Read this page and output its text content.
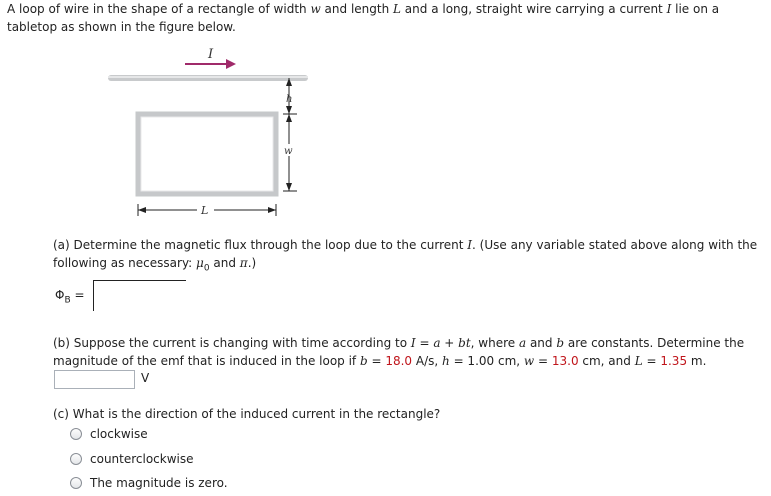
A loop of wire in the shape of a rectangle of width w and length L and a long, straight wire carrying a current I lie on a tabletop as shown in the figure below.
I
h
w
L
(a) Determine the magnetic flux through the loop due to the current I. (Use any variable stated above along with the following as necessary: $\mu_0$ and π.)
$\Phi_B$ =
(b) Suppose the current is changing with time according to I = a + bt, where a and b are constants. Determine the magnitude of the emf that is induced in the loop if b = 18.0 A/s, h = 1.00 cm, w = 13.0 cm, and L = 1.35 m.
V
(c) What is the direction of the induced current in the rectangle?
clockwise
counterclockwise
The magnitude is zero.
